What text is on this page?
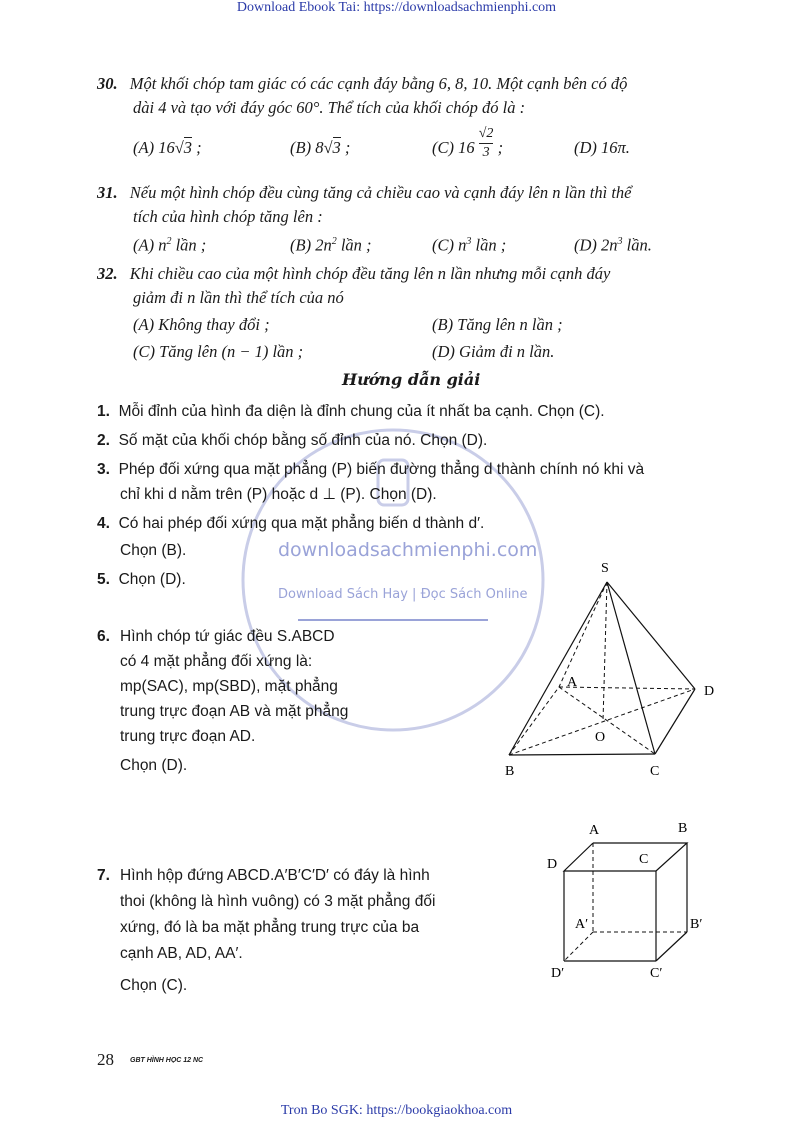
Download Ebook Tai: https://downloadsachmienphi.com
downloadsachmienphi.com
Download Sách Hay | Đọc Sách Online
30. Một khối chóp tam giác có các cạnh đáy bằng 6, 8, 10. Một cạnh bên có độ
dài 4 và tạo với đáy góc 60°. Thể tích của khối chóp đó là :
(A) 16√3 ;	(B) 8√3 ;	(C) $16 \frac{√2}{3}$ ;	(D) 16π.
31. Nếu một hình chóp đều cùng tăng cả chiều cao và cạnh đáy lên n lần thì thể
tích của hình chóp tăng lên :
(A) $n^2$ lần ;	(B) $2n^2$ lần ;	(C) $n^3$ lần ;	(D) $2n^3$ lần.
32. Khi chiều cao của một hình chóp đều tăng lên n lần nhưng mỗi cạnh đáy
giảm đi n lần thì thể tích của nó
(A) Không thay đổi ;	(B) Tăng lên n lần ;
(C) Tăng lên (n − 1) lần ;	(D) Giảm đi n lần.
Hướng dẫn giải
1. Mỗi đỉnh của hình đa diện là đỉnh chung của ít nhất ba cạnh. Chọn (C).
2. Số mặt của khối chóp bằng số đỉnh của nó. Chọn (D).
3. Phép đối xứng qua mặt phẳng (P) biến đường thẳng d thành chính nó khi và
chỉ khi d nằm trên (P) hoặc d ⊥ (P). Chọn (D).
4. Có hai phép đối xứng qua mặt phẳng biến d thành d′.
Chọn (B).
5. Chọn (D).
6. Hình chóp tứ giác đều S.ABCD
có 4 mặt phẳng đối xứng là:
mp(SAC), mp(SBD), mặt phẳng
trung trực đoạn AB và mặt phẳng
trung trực đoạn AD.
Chọn (D).
S
A
B	C
D
O
7. Hình hộp đứng ABCD.A′B′C′D′ có đáy là hình
thoi (không là hình vuông) có 3 mặt phẳng đối
xứng, đó là ba mặt phẳng trung trực của ba
cạnh AB, AD, AA′.
Chọn (C).
A	B
C
D
A′	B′
C′
D′
28 GBT HÌNH HỌC 12 NC
Tron Bo SGK: https://bookgiaokhoa.com
